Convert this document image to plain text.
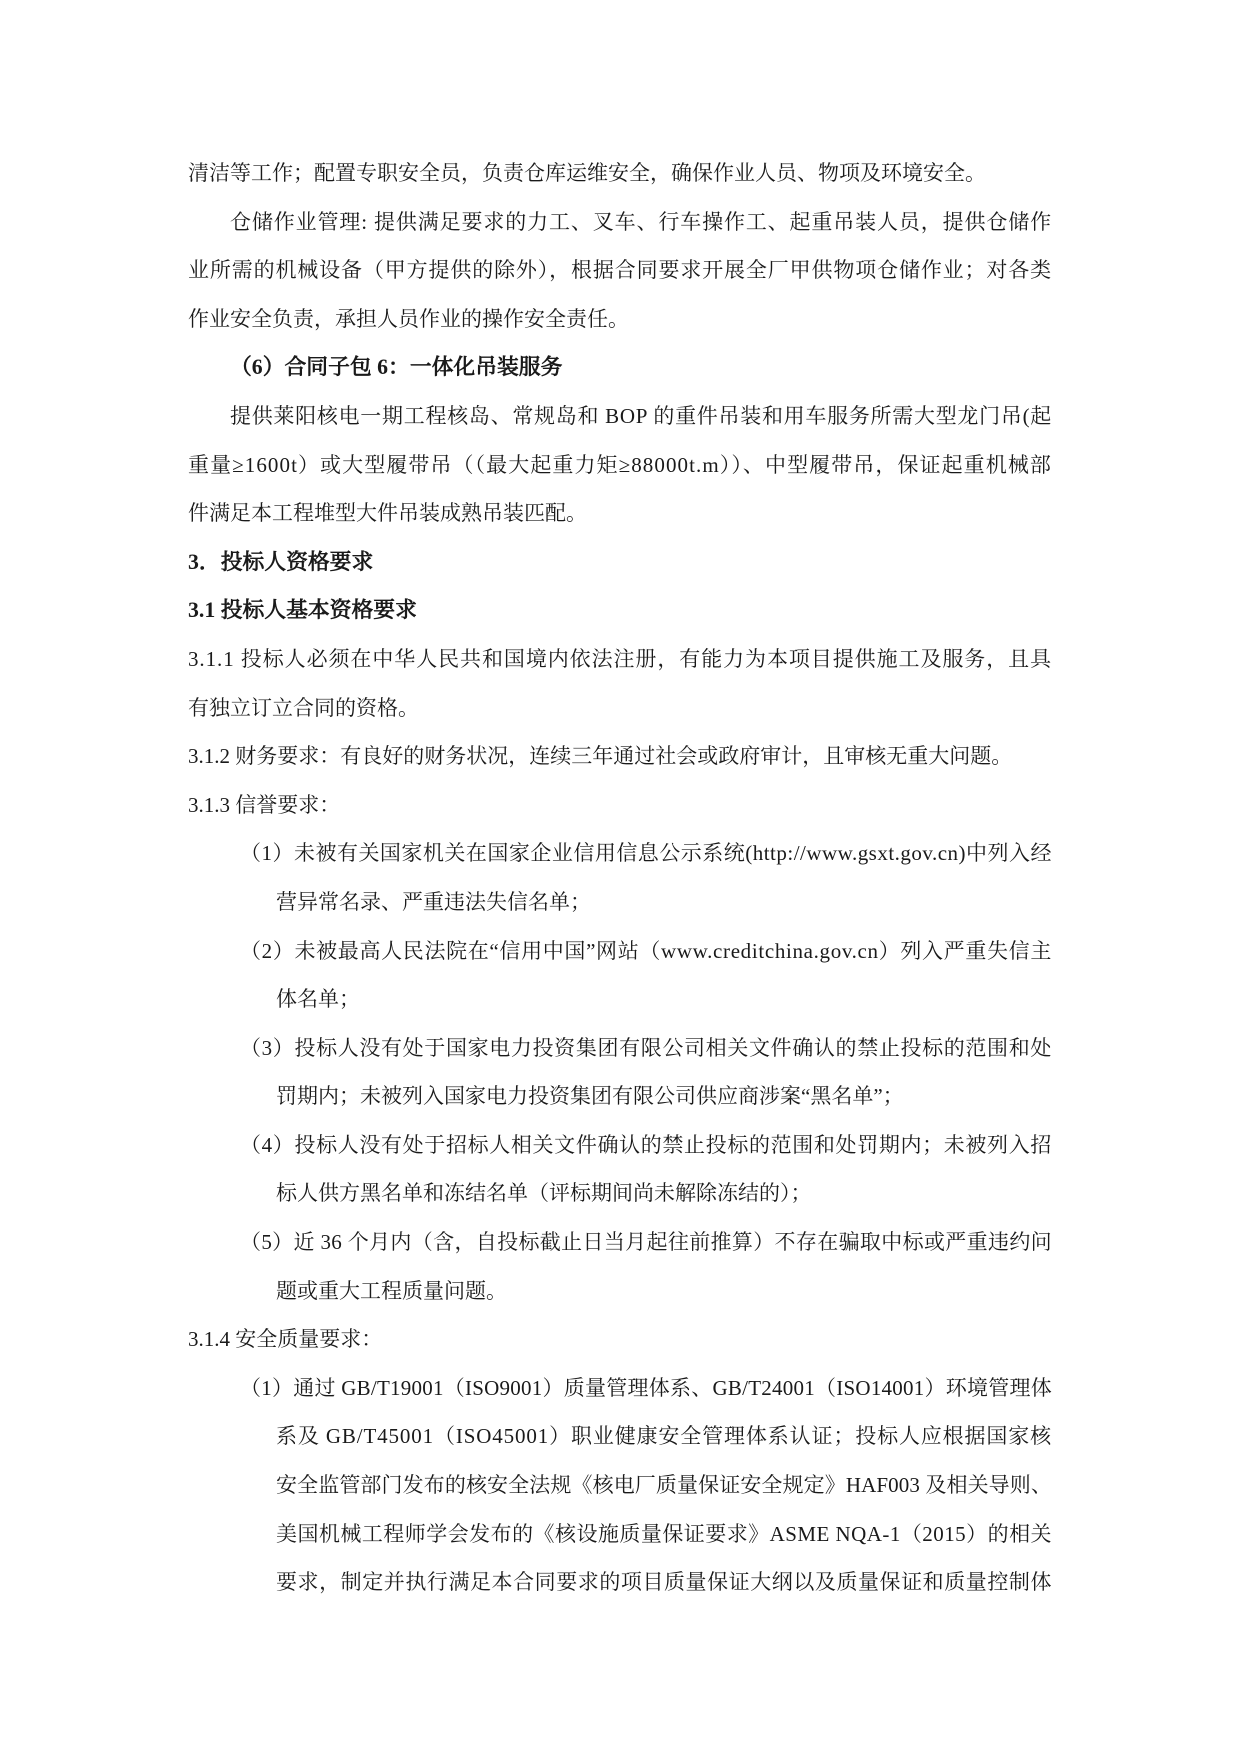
清洁等工作；配置专职安全员，负责仓库运维安全，确保作业人员、物项及环境安全。
仓储作业管理: 提供满足要求的力工、叉车、行车操作工、起重吊装人员，提供仓储作
业所需的机械设备（甲方提供的除外），根据合同要求开展全厂甲供物项仓储作业；对各类
作业安全负责，承担人员作业的操作安全责任。
（6）合同子包 6：一体化吊装服务
提供莱阳核电一期工程核岛、常规岛和 BOP 的重件吊装和用车服务所需大型龙门吊(起
重量≥1600t）或大型履带吊（（最大起重力矩≥88000t.m））、中型履带吊，保证起重机械部
件满足本工程堆型大件吊装成熟吊装匹配。
3．投标人资格要求
3.1 投标人基本资格要求
3.1.1 投标人必须在中华人民共和国境内依法注册，有能力为本项目提供施工及服务，且具
有独立订立合同的资格。
3.1.2 财务要求：有良好的财务状况，连续三年通过社会或政府审计，且审核无重大问题。
3.1.3 信誉要求：
（1）未被有关国家机关在国家企业信用信息公示系统(http://www.gsxt.gov.cn)中列入经
营异常名录、严重违法失信名单；
（2）未被最高人民法院在“信用中国”网站（www.creditchina.gov.cn）列入严重失信主
体名单；
（3）投标人没有处于国家电力投资集团有限公司相关文件确认的禁止投标的范围和处
罚期内；未被列入国家电力投资集团有限公司供应商涉案“黑名单”；
（4）投标人没有处于招标人相关文件确认的禁止投标的范围和处罚期内；未被列入招
标人供方黑名单和冻结名单（评标期间尚未解除冻结的）；
（5）近 36 个月内（含，自投标截止日当月起往前推算）不存在骗取中标或严重违约问
题或重大工程质量问题。
3.1.4 安全质量要求：
（1）通过 GB/T19001（ISO9001）质量管理体系、GB/T24001（ISO14001）环境管理体
系及 GB/T45001（ISO45001）职业健康安全管理体系认证；投标人应根据国家核
安全监管部门发布的核安全法规《核电厂质量保证安全规定》HAF003 及相关导则、
美国机械工程师学会发布的《核设施质量保证要求》ASME NQA-1（2015）的相关
要求，制定并执行满足本合同要求的项目质量保证大纲以及质量保证和质量控制体
